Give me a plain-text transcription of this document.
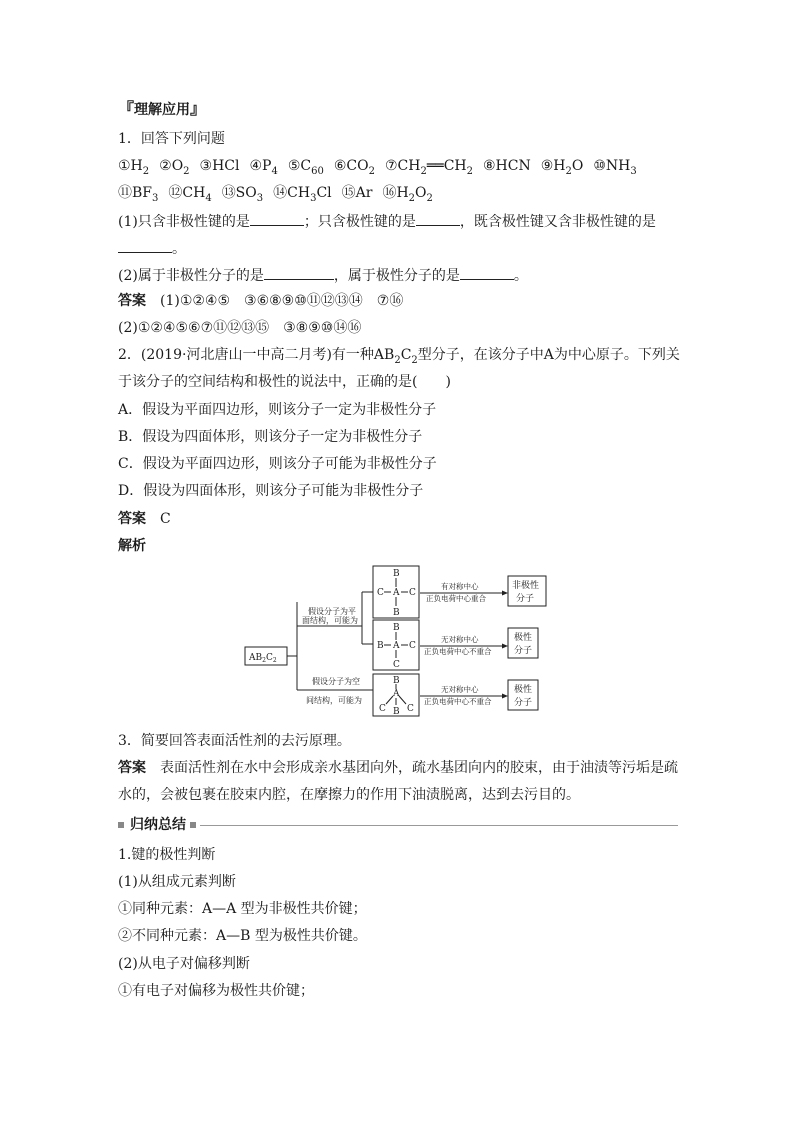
『理解应用』
1．回答下列问题
$①H_2$ $②O_2$ ③HCl $④P_4$ $⑤C_{60}$ $⑥CO_2$ $⑦CH_2══CH_2$ ⑧HCN $⑨H_2O$ $⑩NH_3$
$⑪BF_3$ $⑫CH_4$ $⑬SO_3$ $⑭CH_3Cl$ ⑮Ar $⑯H_2O_2$
(1)只含非极性键的是	；只含极性键的是	，既含极性键又含非极性键的是
。
(2)属于非极性分子的是	，属于极性分子的是	。
答案 (1)①②④⑤　③⑥⑧⑨⑩⑪⑫⑬⑭　⑦⑯
(2)①②④⑤⑥⑦⑪⑫⑬⑮　③⑧⑨⑩⑭⑯
2．(2019·河北唐山一中高二月考)有一种$AB_2C_2$型分子，在该分子中A为中心原子。下列关
于该分子的空间结构和极性的说法中，正确的是(　　)
A．假设为平面四边形，则该分子一定为非极性分子
B．假设为四面体形，则该分子一定为非极性分子
C．假设为平面四边形，则该分子可能为非极性分子
D．假设为四面体形，则该分子可能为非极性分子
答案 C
解析
$AB_2C_2$
假设分子为平
面结构，可能为
假设分子为空
间结构，可能为
B
A
B
C	C
B
A
C
B	C
B
A
C C
B
有对称中心
正负电荷中心重合
无对称中心
正负电荷中心不重合
无对称中心
正负电荷中心不重合
非极性
分子
极性
分子
极性
分子
3．简要回答表面活性剂的去污原理。
答案 表面活性剂在水中会形成亲水基团向外，疏水基团向内的胶束，由于油渍等污垢是疏
水的，会被包裹在胶束内腔，在摩擦力的作用下油渍脱离，达到去污目的。
归纳总结
1.键的极性判断
(1)从组成元素判断
①同种元素：A—A 型为非极性共价键；
②不同种元素：A—B 型为极性共价键。
(2)从电子对偏移判断
①有电子对偏移为极性共价键；
